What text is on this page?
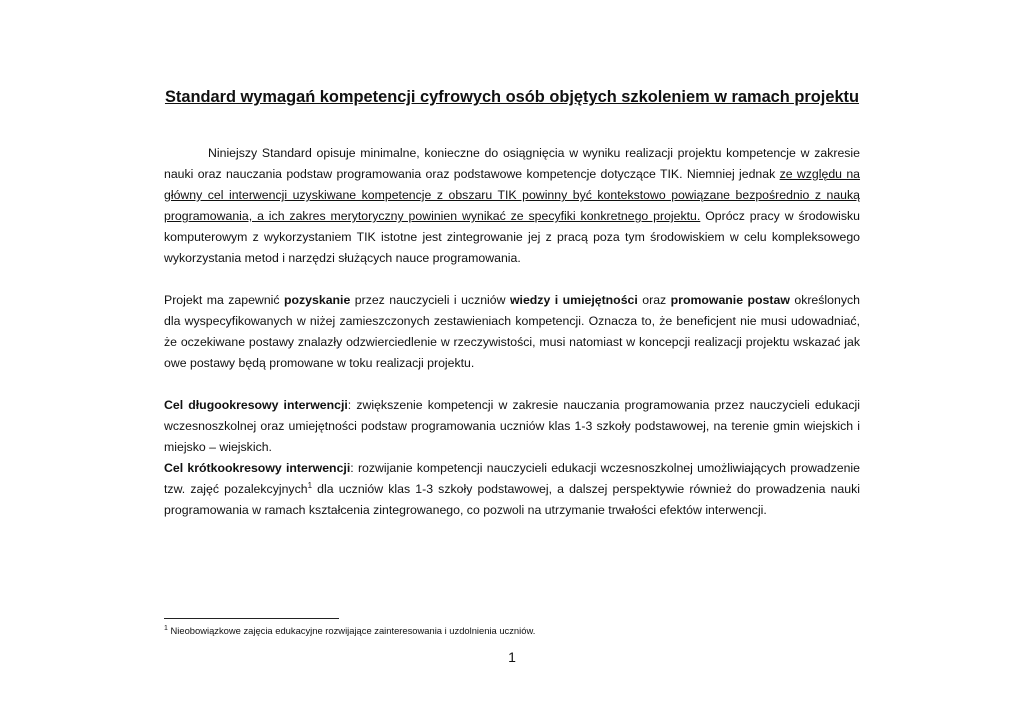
Standard wymagań kompetencji cyfrowych osób objętych szkoleniem w ramach projektu

Niniejszy Standard opisuje minimalne, konieczne do osiągnięcia w wyniku realizacji projektu kompetencje w zakresie nauki oraz nauczania podstaw programowania oraz podstawowe kompetencje dotyczące TIK. Niemniej jednak ze względu na główny cel interwencji uzyskiwane kompetencje z obszaru TIK powinny być kontekstowo powiązane bezpośrednio z nauką programowania, a ich zakres merytoryczny powinien wynikać ze specyfiki konkretnego projektu. Oprócz pracy w środowisku komputerowym z wykorzystaniem TIK istotne jest zintegrowanie jej z pracą poza tym środowiskiem w celu kompleksowego wykorzystania metod i narzędzi służących nauce programowania.

Projekt ma zapewnić pozyskanie przez nauczycieli i uczniów wiedzy i umiejętności oraz promowanie postaw określonych dla wyspecyfikowanych w niżej zamieszczonych zestawieniach kompetencji. Oznacza to, że beneficjent nie musi udowadniać, że oczekiwane postawy znalazły odzwierciedlenie w rzeczywistości, musi natomiast w koncepcji realizacji projektu wskazać jak owe postawy będą promowane w toku realizacji projektu.

Cel długookresowy interwencji: zwiększenie kompetencji w zakresie nauczania programowania przez nauczycieli edukacji wczesnoszkolnej oraz umiejętności podstaw programowania uczniów klas 1-3 szkoły podstawowej, na terenie gmin wiejskich i miejsko – wiejskich.

Cel krótkookresowy interwencji: rozwijanie kompetencji nauczycieli edukacji wczesnoszkolnej umożliwiających prowadzenie tzw. zajęć pozalekcyjnych$^1$ dla uczniów klas 1-3 szkoły podstawowej, a dalszej perspektywie również do prowadzenia nauki programowania w ramach kształcenia zintegrowanego, co pozwoli na utrzymanie trwałości efektów interwencji.

$^1$ Nieobowiązkowe zajęcia edukacyjne rozwijające zainteresowania i uzdolnienia uczniów.
1
